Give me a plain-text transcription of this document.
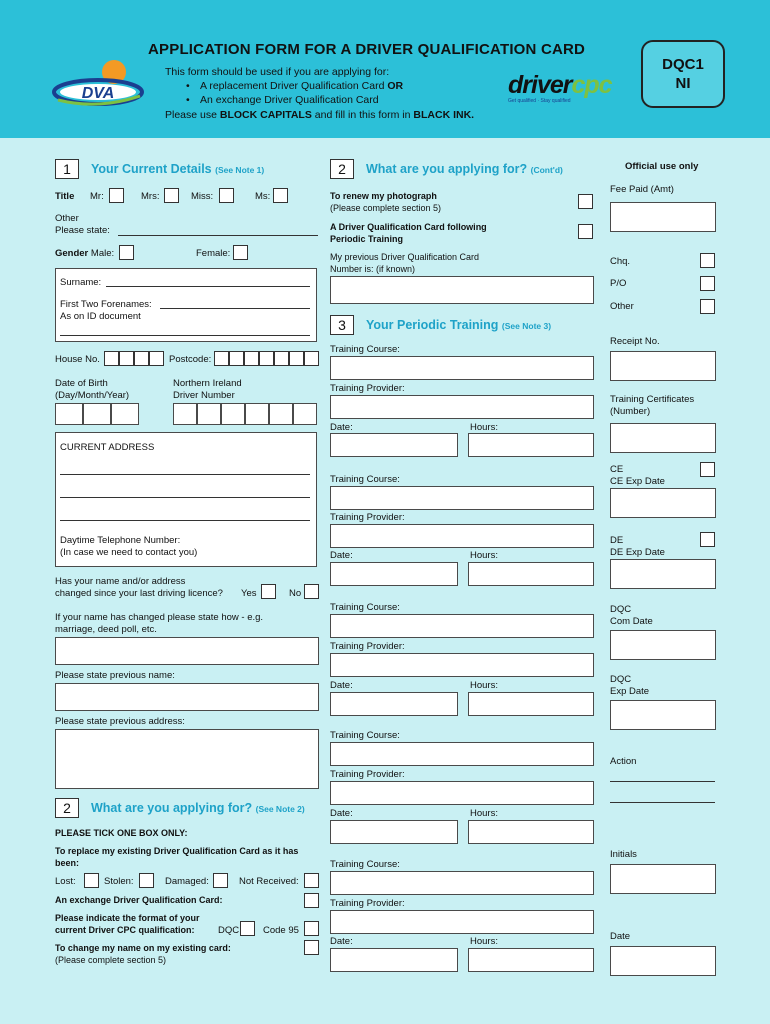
DVA
APPLICATION FORM FOR A DRIVER QUALIFICATION CARD
This form should be used if you are applying for:
• A replacement Driver Qualification Card OR
• An exchange Driver Qualification Card
Please use BLOCK CAPITALS and fill in this form in BLACK INK.
drivercpc
Get qualified · Stay qualified
DQC1
NI
1	Your Current Details (See Note 1)
Title Mr:	Mrs:	Miss:	Ms:
Other
Please state:
Gender Male:	Female:
Surname:
First Two Forenames:
As on ID document
House No.	Postcode:
Date of Birth
(Day/Month/Year)
Northern Ireland
Driver Number
CURRENT ADDRESS
Daytime Telephone Number:
(In case we need to contact you)
Has your name and/or address
changed since your last driving licence? Yes	No
If your name has changed please state how - e.g.
marriage, deed poll, etc.
Please state previous name:
Please state previous address:
2	What are you applying for? (See Note 2)
PLEASE TICK ONE BOX ONLY:
To replace my existing Driver Qualification Card as it has
been:
Lost:	Stolen:	Damaged:	Not Received:
An exchange Driver Qualification Card:
Please indicate the format of your
current Driver CPC qualification: DQC	Code 95
To change my name on my existing card:
(Please complete section 5)
2	What are you applying for? (Cont'd)
To renew my photograph
(Please complete section 5)
A Driver Qualification Card following
Periodic Training
My previous Driver Qualification Card
Number is: (if known)
3	Your Periodic Training (See Note 3)
Training Course:
Training Provider:
Date:	Hours:
Training Course:
Training Provider:
Date:	Hours:
Training Course:
Training Provider:
Date:	Hours:
Training Course:
Training Provider:
Date:	Hours:
Training Course:
Training Provider:
Date:	Hours:
Official use only
Fee Paid (Amt)
Chq.
P/O
Other
Receipt No.
Training Certificates
(Number)
CE
CE Exp Date
DE
DE Exp Date
DQC
Com Date
DQC
Exp Date
Action
Initials
Date
